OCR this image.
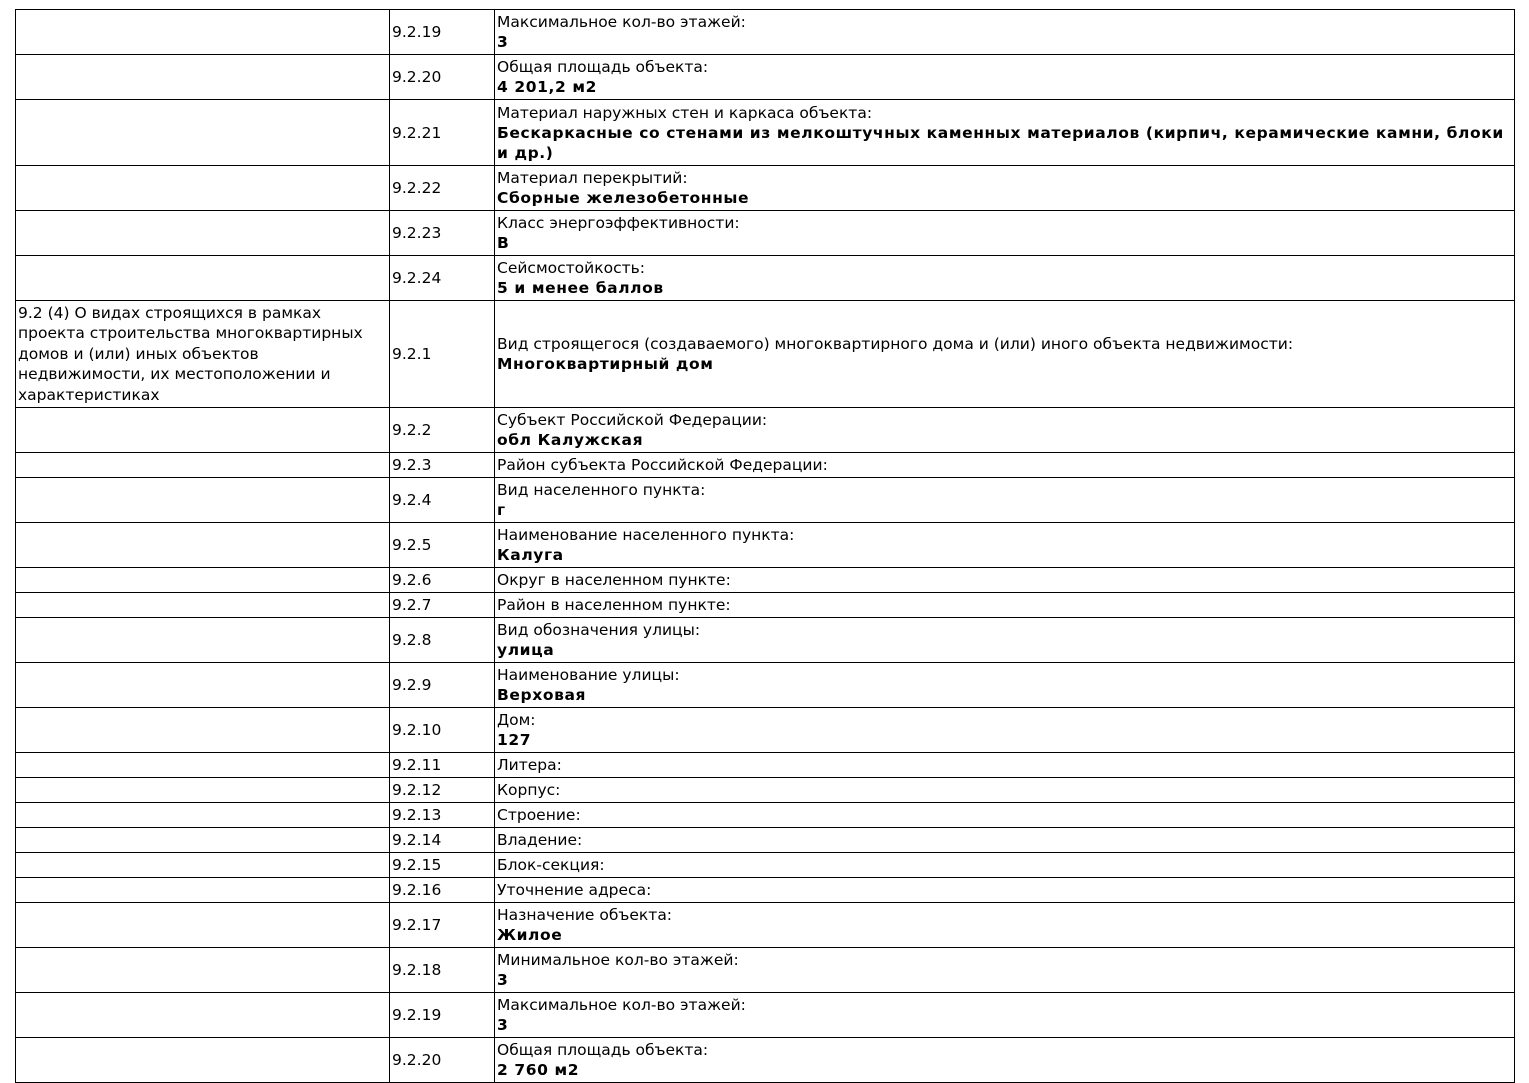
	9.2.19	Максимальное кол-во этажей:
3

	9.2.20	Общая площадь объекта:
4 201,2 м2

	9.2.21	Материал наружных стен и каркаса объекта:
Бескаркасные со стенами из мелкоштучных каменных материалов (кирпич, керамические камни, блоки и др.)

	9.2.22	Материал перекрытий:
Сборные железобетонные

	9.2.23	Класс энергоэффективности:
В

	9.2.24	Сейсмостойкость:
5 и менее баллов

9.2 (4) О видах строящихся в рамках проекта строительства многоквартирных домов и (или) иных объектов недвижимости, их местоположении и характеристиках	9.2.1	Вид строящегося (создаваемого) многоквартирного дома и (или) иного объекта недвижимости:
Многоквартирный дом

	9.2.2	Субъект Российской Федерации:
обл Калужская

	9.2.3	Район субъекта Российской Федерации:

	9.2.4	Вид населенного пункта:
г

	9.2.5	Наименование населенного пункта:
Калуга

	9.2.6	Округ в населенном пункте:

	9.2.7	Район в населенном пункте:

	9.2.8	Вид обозначения улицы:
улица

	9.2.9	Наименование улицы:
Верховая

	9.2.10	Дом:
127

	9.2.11	Литера:

	9.2.12	Корпус:

	9.2.13	Строение:

	9.2.14	Владение:

	9.2.15	Блок-секция:

	9.2.16	Уточнение адреса:

	9.2.17	Назначение объекта:
Жилое

	9.2.18	Минимальное кол-во этажей:
3

	9.2.19	Максимальное кол-во этажей:
3

	9.2.20	Общая площадь объекта:
2 760 м2
